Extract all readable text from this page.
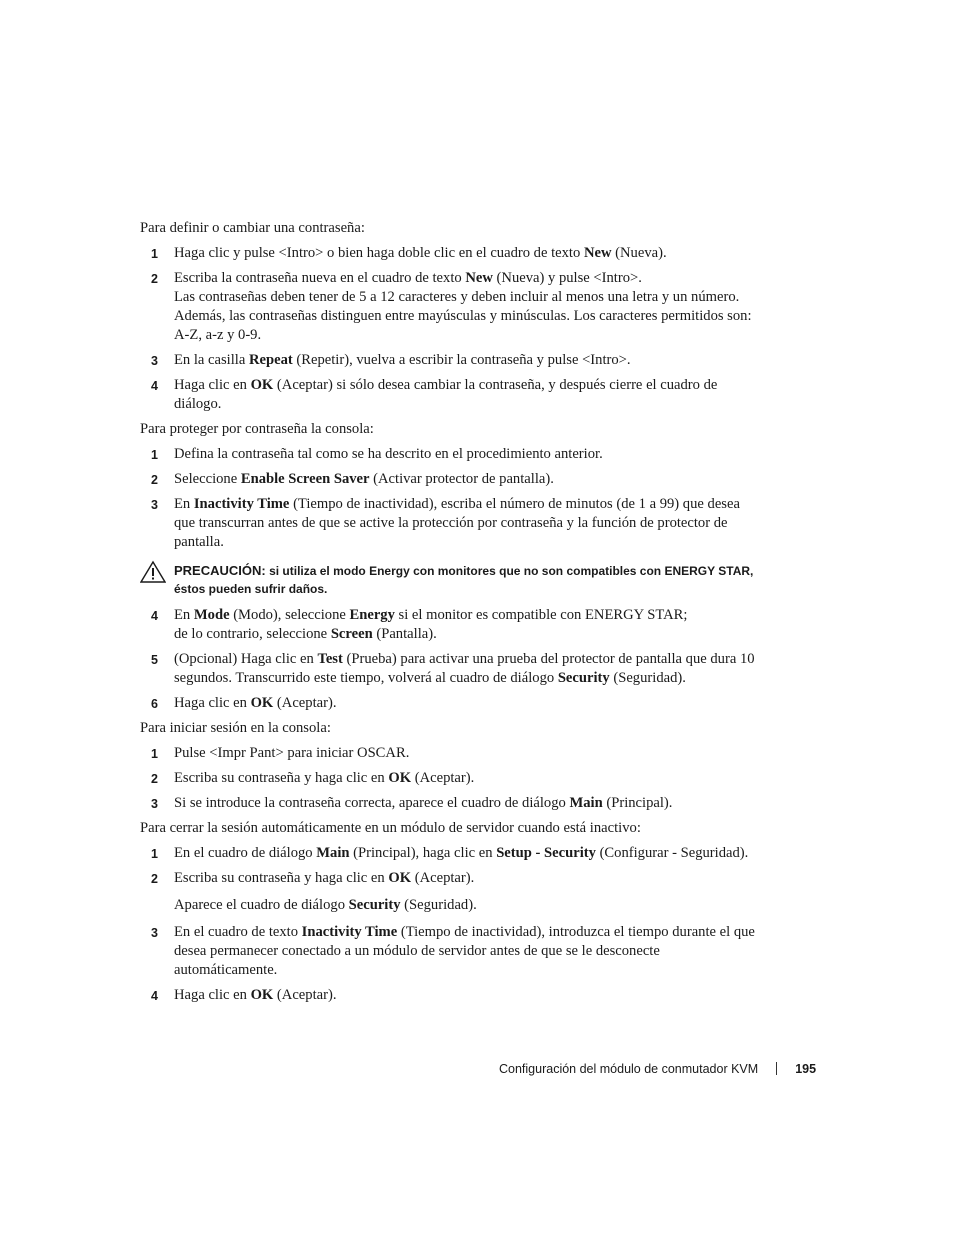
Para definir o cambiar una contraseña:

1 Haga clic y pulse <Intro> o bien haga doble clic en el cuadro de texto New (Nueva).
2 Escriba la contraseña nueva en el cuadro de texto New (Nueva) y pulse <Intro>.
Las contraseñas deben tener de 5 a 12 caracteres y deben incluir al menos una letra y un número. Además, las contraseñas distinguen entre mayúsculas y minúsculas. Los caracteres permitidos son: A-Z, a-z y 0-9.
3 En la casilla Repeat (Repetir), vuelva a escribir la contraseña y pulse <Intro>.
4 Haga clic en OK (Aceptar) si sólo desea cambiar la contraseña, y después cierre el cuadro de diálogo.

Para proteger por contraseña la consola:

1 Defina la contraseña tal como se ha descrito en el procedimiento anterior.
2 Seleccione Enable Screen Saver (Activar protector de pantalla).
3 En Inactivity Time (Tiempo de inactividad), escriba el número de minutos (de 1 a 99) que desea que transcurran antes de que se active la protección por contraseña y la función de protector de pantalla.
PRECAUCIÓN: si utiliza el modo Energy con monitores que no son compatibles con ENERGY STAR, éstos pueden sufrir daños.
4 En Mode (Modo), seleccione Energy si el monitor es compatible con ENERGY STAR;
de lo contrario, seleccione Screen (Pantalla).
5 (Opcional) Haga clic en Test (Prueba) para activar una prueba del protector de pantalla que dura 10 segundos. Transcurrido este tiempo, volverá al cuadro de diálogo Security (Seguridad).
6 Haga clic en OK (Aceptar).

Para iniciar sesión en la consola:

1 Pulse <Impr Pant> para iniciar OSCAR.
2 Escriba su contraseña y haga clic en OK (Aceptar).
3 Si se introduce la contraseña correcta, aparece el cuadro de diálogo Main (Principal).

Para cerrar la sesión automáticamente en un módulo de servidor cuando está inactivo:

1 En el cuadro de diálogo Main (Principal), haga clic en Setup - Security (Configurar - Seguridad).
2 Escriba su contraseña y haga clic en OK (Aceptar).
Aparece el cuadro de diálogo Security (Seguridad).
3 En el cuadro de texto Inactivity Time (Tiempo de inactividad), introduzca el tiempo durante el que desea permanecer conectado a un módulo de servidor antes de que se le desconecte automáticamente.
4 Haga clic en OK (Aceptar).
Configuración del módulo de conmutador KVM	195
